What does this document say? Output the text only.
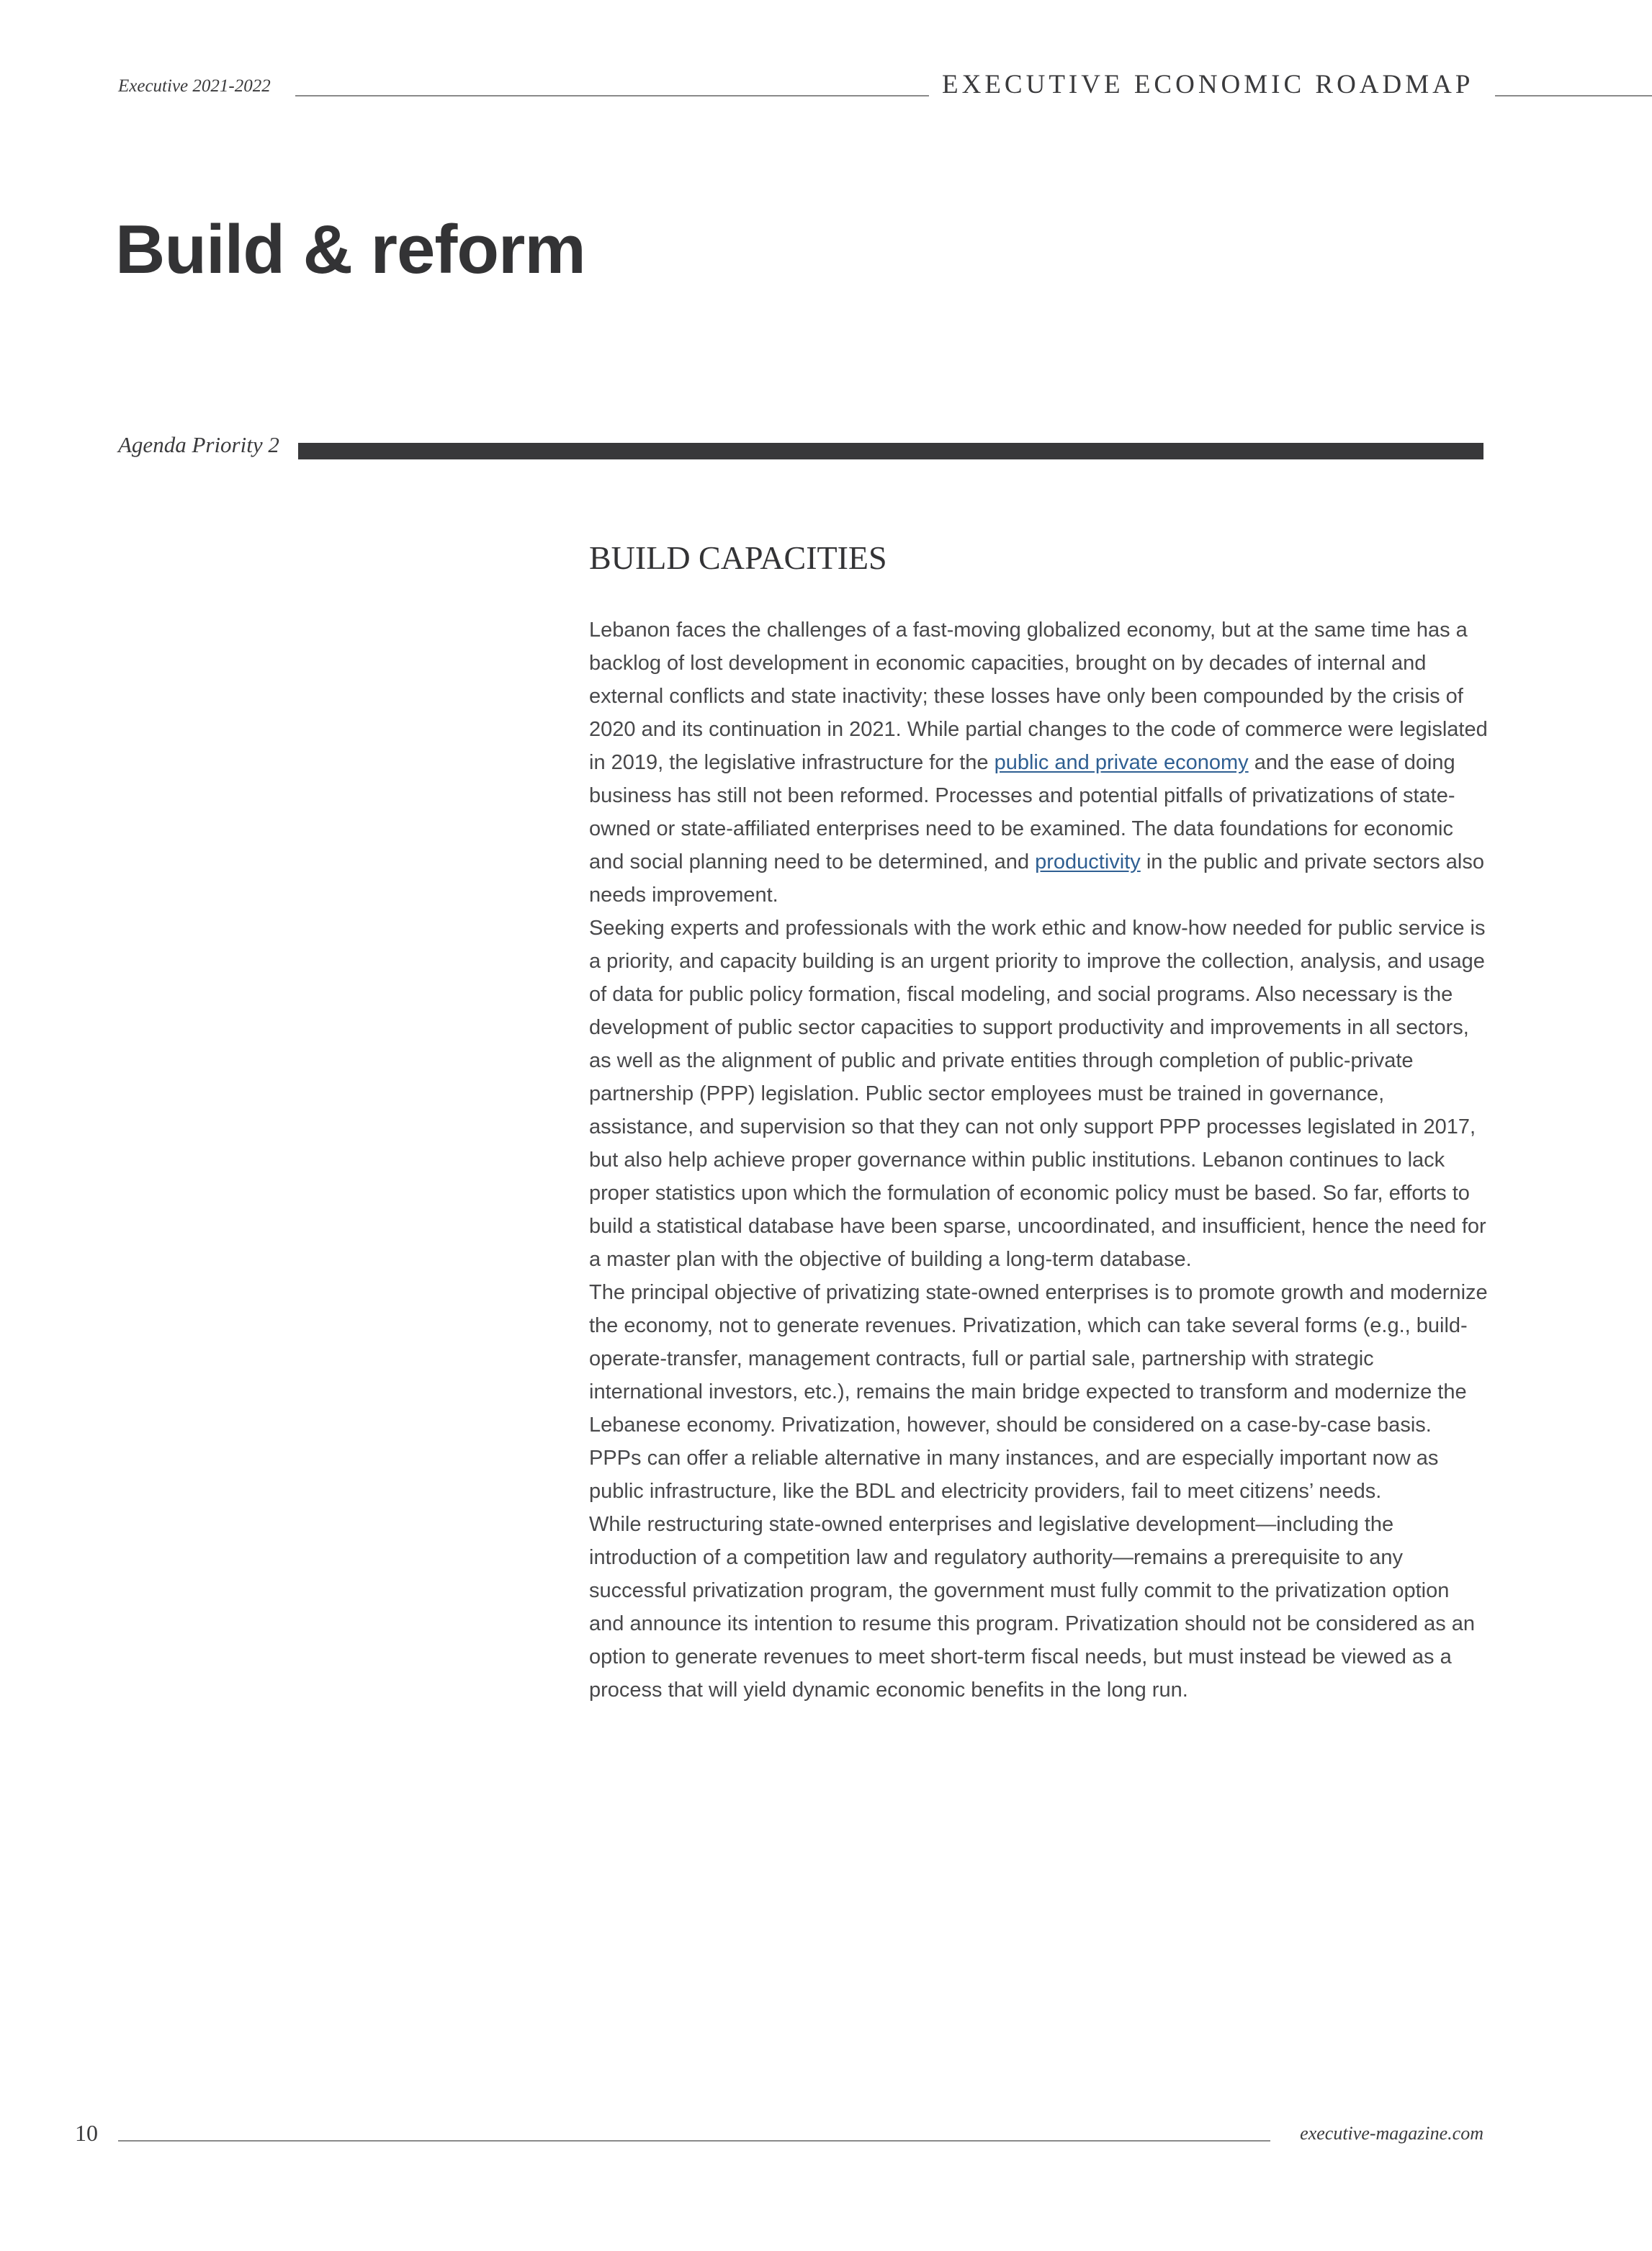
Executive 2021-2022	EXECUTIVE ECONOMIC ROADMAP
Build & reform
Agenda Priority 2
BUILD CAPACITIES

Lebanon faces the challenges of a fast-moving globalized economy, but at the same time has a backlog of lost development in economic capacities, brought on by decades of internal and external conflicts and state inactivity; these losses have only been compounded by the crisis of 2020 and its continuation in 2021. While partial changes to the code of commerce were legislated in 2019, the legislative infrastructure for the public and private economy and the ease of doing business has still not been reformed. Processes and potential pitfalls of privatizations of state-owned or state-affiliated enterprises need to be examined. The data foundations for economic and social planning need to be determined, and productivity in the public and private sectors also needs improvement.

Seeking experts and professionals with the work ethic and know-how needed for public service is a priority, and capacity building is an urgent priority to improve the collection, analysis, and usage of data for public policy formation, fiscal modeling, and social programs. Also necessary is the development of public sector capacities to support productivity and improvements in all sectors, as well as the alignment of public and private entities through completion of public-private partnership (PPP) legislation. Public sector employees must be trained in governance, assistance, and supervision so that they can not only support PPP processes legislated in 2017, but also help achieve proper governance within public institutions. Lebanon continues to lack proper statistics upon which the formulation of economic policy must be based. So far, efforts to build a statistical database have been sparse, uncoordinated, and insufficient, hence the need for a master plan with the objective of building a long-term database.

The principal objective of privatizing state-owned enterprises is to promote growth and modernize the economy, not to generate revenues. Privatization, which can take several forms (e.g., build-operate-transfer, management contracts, full or partial sale, partnership with strategic international investors, etc.), remains the main bridge expected to transform and modernize the Lebanese economy. Privatization, however, should be considered on a case-by-case basis.

PPPs can offer a reliable alternative in many instances, and are especially important now as public infrastructure, like the BDL and electricity providers, fail to meet citizens’ needs.

While restructuring state-owned enterprises and legislative development—including the introduction of a competition law and regulatory authority—remains a prerequisite to any successful privatization program, the government must fully commit to the privatization option and announce its intention to resume this program. Privatization should not be considered as an option to generate revenues to meet short-term fiscal needs, but must instead be viewed as a process that will yield dynamic economic benefits in the long run.

10	executive-magazine.com
